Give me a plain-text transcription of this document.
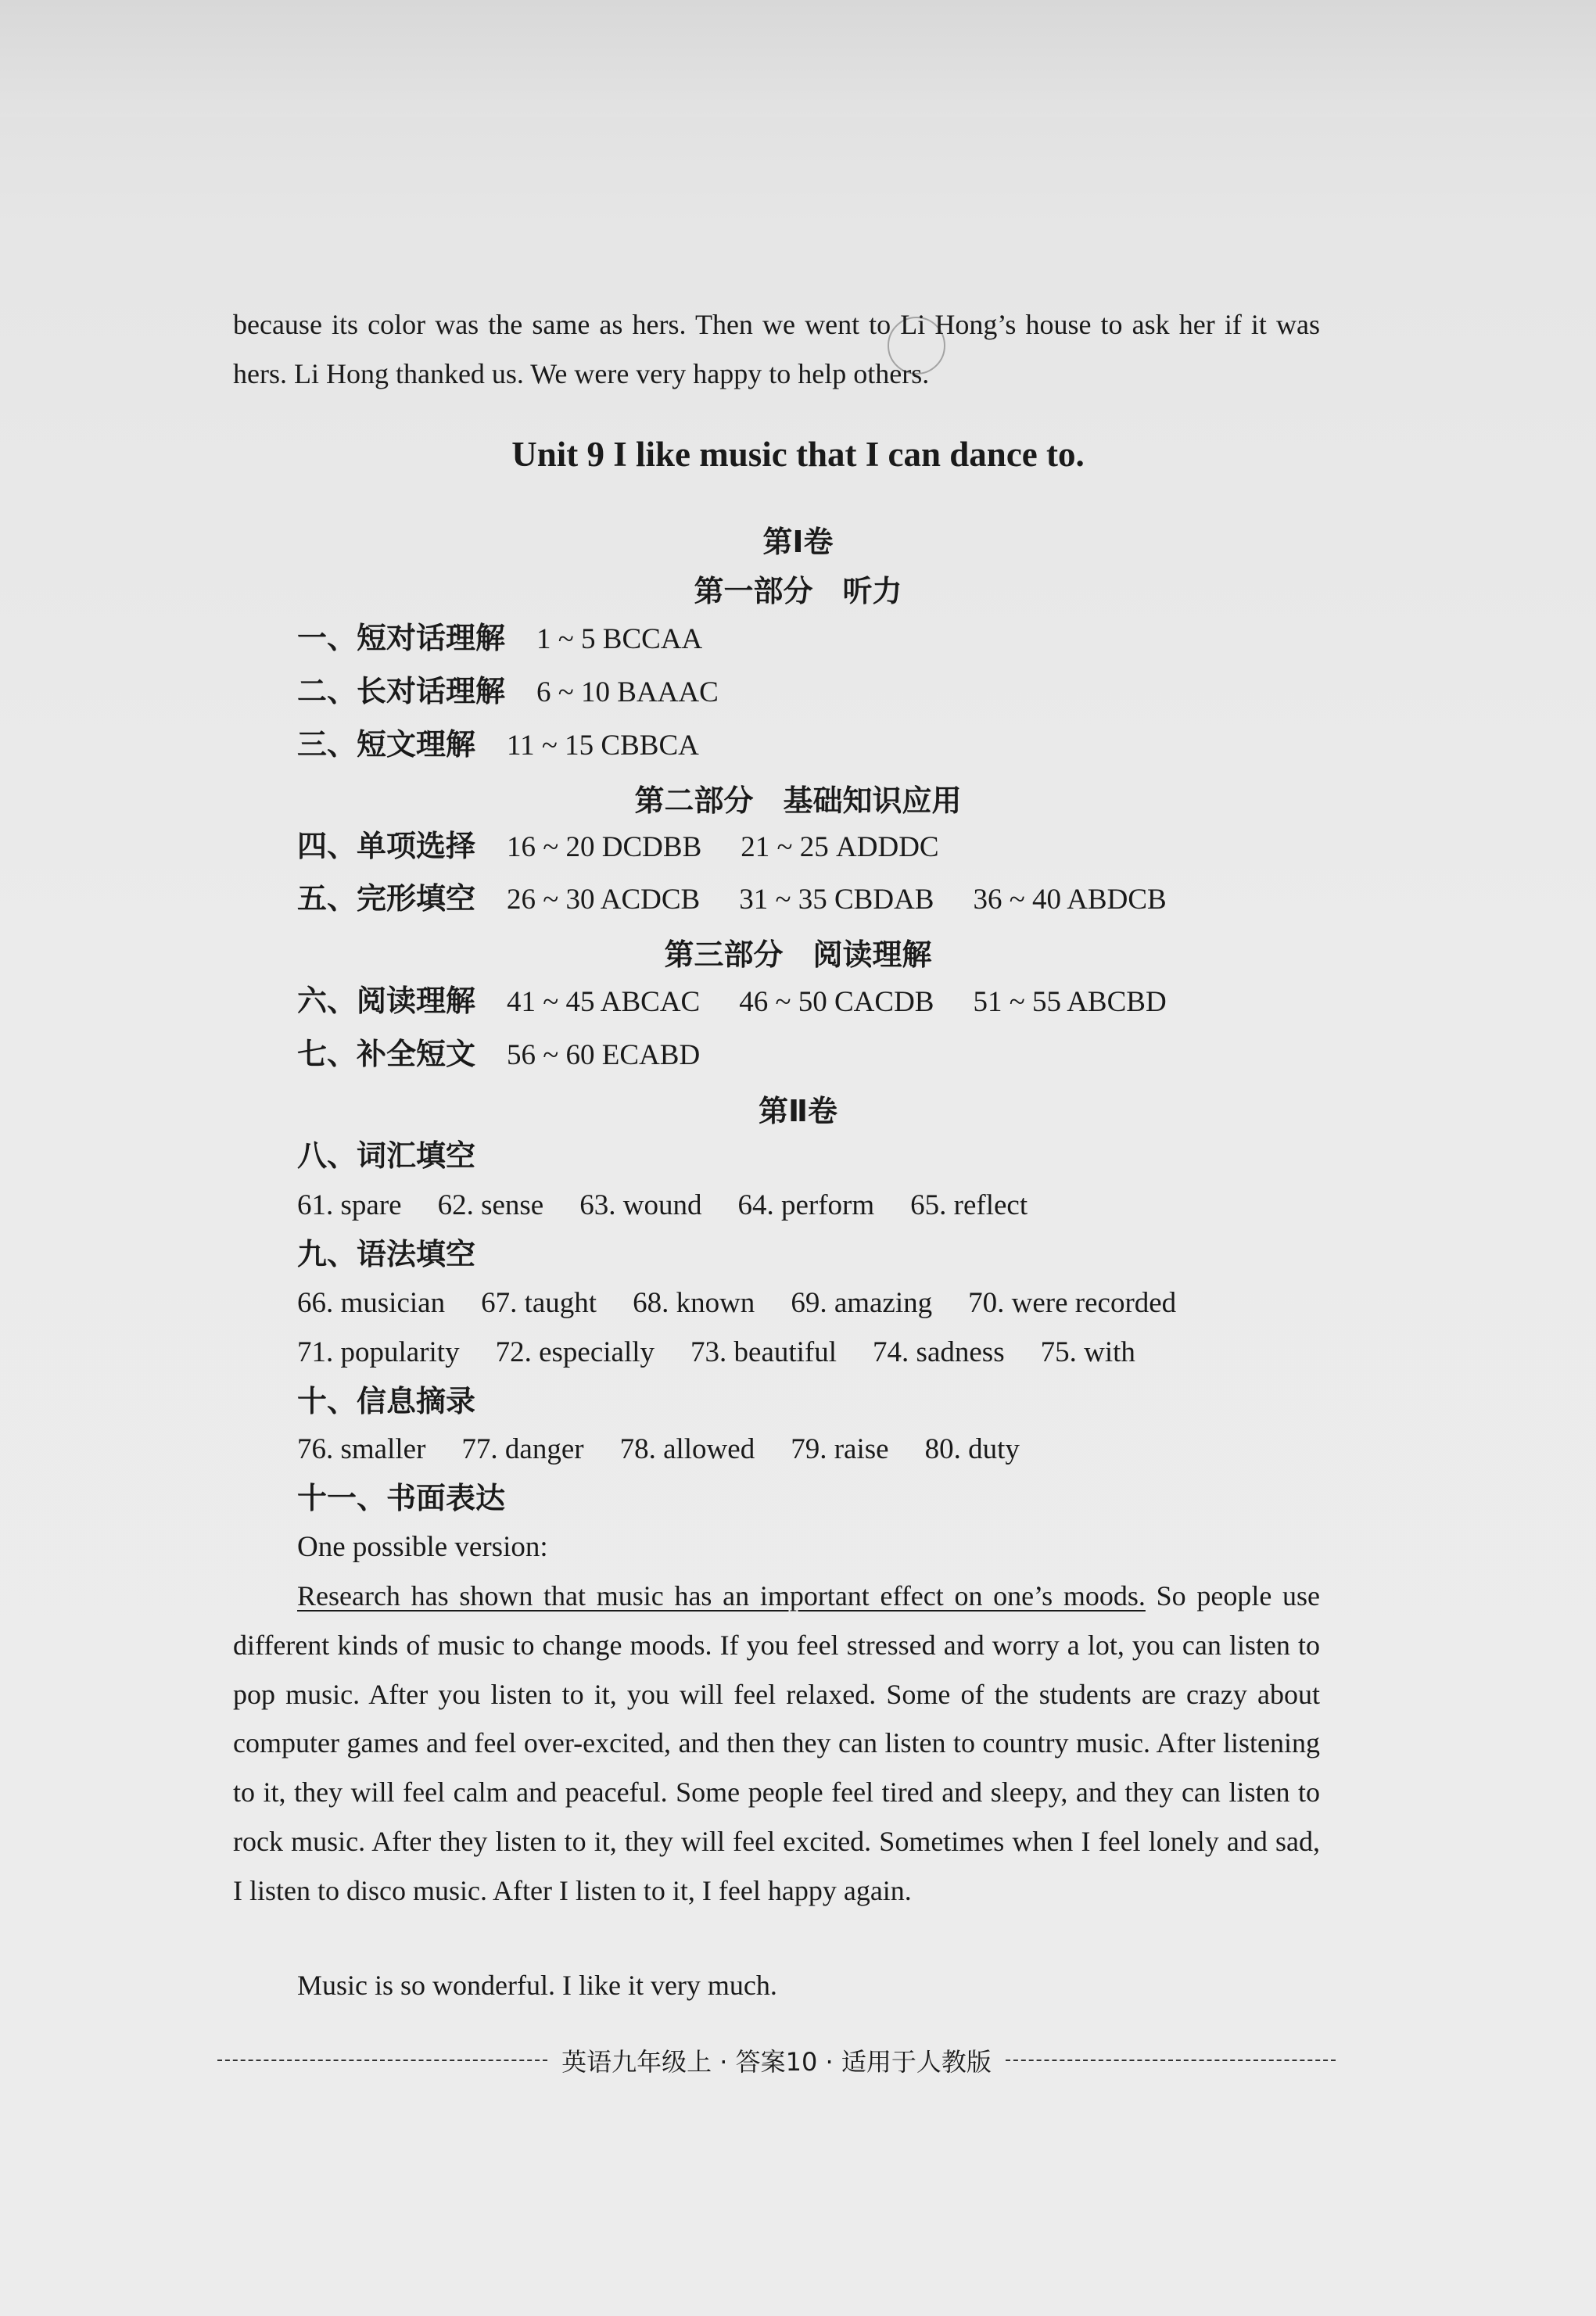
because its color was the same as hers. Then we went to Li Hong’s house to ask her if it was hers. Li Hong thanked us. We were very happy to help others.
Unit 9 I like music that I can dance to.
第Ⅰ卷
第一部分　听力
一、短对话理解 1 ~ 5 BCCAA
二、长对话理解 6 ~ 10 BAAAC
三、短文理解 11 ~ 15 CBBCA
第二部分　基础知识应用
四、单项选择 16 ~ 20 DCDBB 21 ~ 25 ADDDC
五、完形填空 26 ~ 30 ACDCB 31 ~ 35 CBDAB 36 ~ 40 ABDCB
第三部分　阅读理解
六、阅读理解 41 ~ 45 ABCAC 46 ~ 50 CACDB 51 ~ 55 ABCBD
七、补全短文 56 ~ 60 ECABD
第Ⅱ卷
八、词汇填空
61. spare 62. sense 63. wound 64. perform 65. reflect
九、语法填空
66. musician 67. taught 68. known 69. amazing 70. were recorded
71. popularity 72. especially 73. beautiful 74. sadness 75. with
十、信息摘录
76. smaller 77. danger 78. allowed 79. raise 80. duty
十一、书面表达
One possible version:
Research has shown that music has an important effect on one’s moods. So people use different kinds of music to change moods. If you feel stressed and worry a lot, you can listen to pop music. After you listen to it, you will feel relaxed. Some of the students are crazy about computer games and feel over-excited, and then they can listen to country music. After listening to it, they will feel calm and peaceful. Some people feel tired and sleepy, and they can listen to rock music. After they listen to it, they will feel excited. Sometimes when I feel lonely and sad, I listen to disco music. After I listen to it, I feel happy again.
Music is so wonderful. I like it very much.
英语九年级上 · 答案10 · 适用于人教版
